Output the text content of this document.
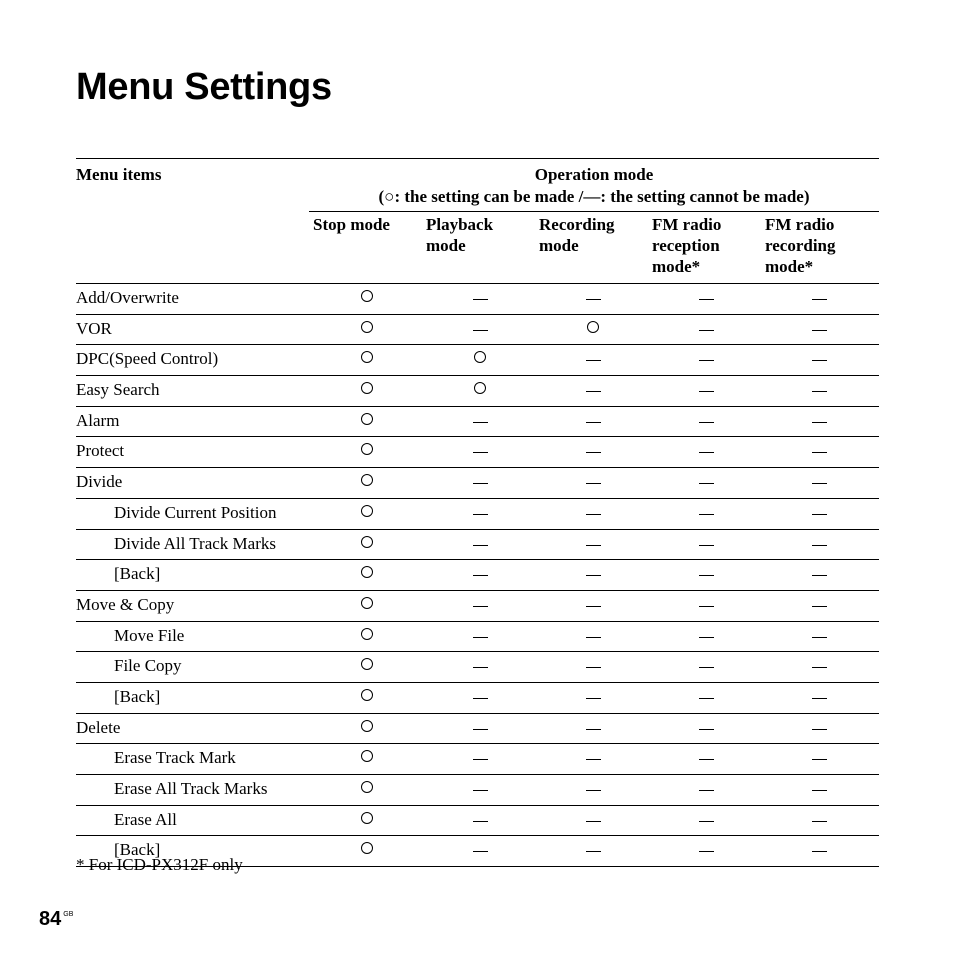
Menu Settings
Menu items	Operation mode
(○: the setting can be made /—: the setting cannot be made)
Stop mode Playback
mode
Recording
mode
FM radio
reception
mode*
FM radio
recording
mode*
Add/Overwrite
VOR
DPC(Speed Control)
Easy Search
Alarm
Protect
Divide
Divide Current Position
Divide All Track Marks
[Back]
Move & Copy
Move File
File Copy
[Back]
Delete
Erase Track Mark
Erase All Track Marks
Erase All
[Back]
* For ICD-PX312F only
84 $^{GB}$
